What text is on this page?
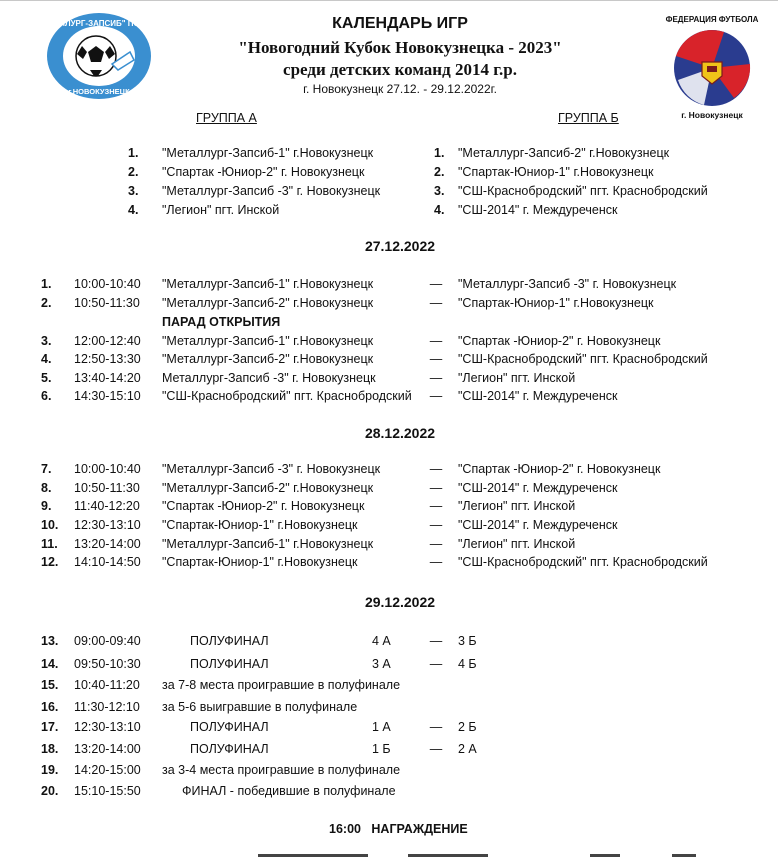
СШ "МЕТАЛЛУРГ-ЗАПСИБ" ПО ФУТБОЛУ
г.НОВОКУЗНЕЦК
ФЕДЕРАЦИЯ ФУТБОЛА
г. Новокузнецк
КАЛЕНДАРЬ ИГР
"Новогодний Кубок Новокузнецка - 2023"
среди детских команд 2014 г.р.
г. Новокузнецк 27.12. - 29.12.2022г.
ГРУППА А	ГРУППА Б
1.	"Металлург-Запсиб-1" г.Новокузнецк
2.	"Спартак -Юниор-2" г. Новокузнецк
3.	"Металлург-Запсиб -3" г. Новокузнецк
4.	"Легион" пгт. Инской
1.	"Металлург-Запсиб-2" г.Новокузнецк
2.	"Спартак-Юниор-1" г.Новокузнецк
3.	"СШ-Краснобродский" пгт. Краснобродский
4.	"СШ-2014" г. Междуреченск
27.12.2022
1.	10:00-10:40 "Металлург-Запсиб-1" г.Новокузнецк	—	"Металлург-Запсиб -3" г. Новокузнецк
2.	10:50-11:30 "Металлург-Запсиб-2" г.Новокузнецк	—	"Спартак-Юниор-1" г.Новокузнецк
ПАРАД ОТКРЫТИЯ
3.	12:00-12:40 "Металлург-Запсиб-1" г.Новокузнецк	—	"Спартак -Юниор-2" г. Новокузнецк
4.	12:50-13:30 "Металлург-Запсиб-2" г.Новокузнецк	—	"СШ-Краснобродский" пгт. Краснобродский
5.	13:40-14:20 Металлург-Запсиб -3" г. Новокузнецк	—	"Легион" пгт. Инской
6.	14:30-15:10 "СШ-Краснобродский" пгт. Краснобродский	—	"СШ-2014" г. Междуреченск
28.12.2022
7.	10:00-10:40 "Металлург-Запсиб -3" г. Новокузнецк	—	"Спартак -Юниор-2" г. Новокузнецк
8.	10:50-11:30 "Металлург-Запсиб-2" г.Новокузнецк	—	"СШ-2014" г. Междуреченск
9.	11:40-12:20 "Спартак -Юниор-2" г. Новокузнецк	—	"Легион" пгт. Инской
10.	12:30-13:10 "Спартак-Юниор-1" г.Новокузнецк	—	"СШ-2014" г. Междуреченск
11.	13:20-14:00 "Металлург-Запсиб-1" г.Новокузнецк	—	"Легион" пгт. Инской
12.	14:10-14:50 "Спартак-Юниор-1" г.Новокузнецк	—	"СШ-Краснобродский" пгт. Краснобродский
29.12.2022
13.	09:00-09:40	ПОЛУФИНАЛ	4 А	—	3 Б
14.	09:50-10:30	ПОЛУФИНАЛ	3 А	—	4 Б
15.	10:40-11:20 за 7-8 места проигравшие в полуфинале
16.	11:30-12:10 за 5-6 выигравшие в полуфинале
17.	12:30-13:10	ПОЛУФИНАЛ	1 А	—	2 Б
18.	13:20-14:00	ПОЛУФИНАЛ	1 Б	—	2 А
19.	14:20-15:00 за 3-4 места проигравшие в полуфинале
20.	15:10-15:50	ФИНАЛ - победившие в полуфинале
16:00 НАГРАЖДЕНИЕ
